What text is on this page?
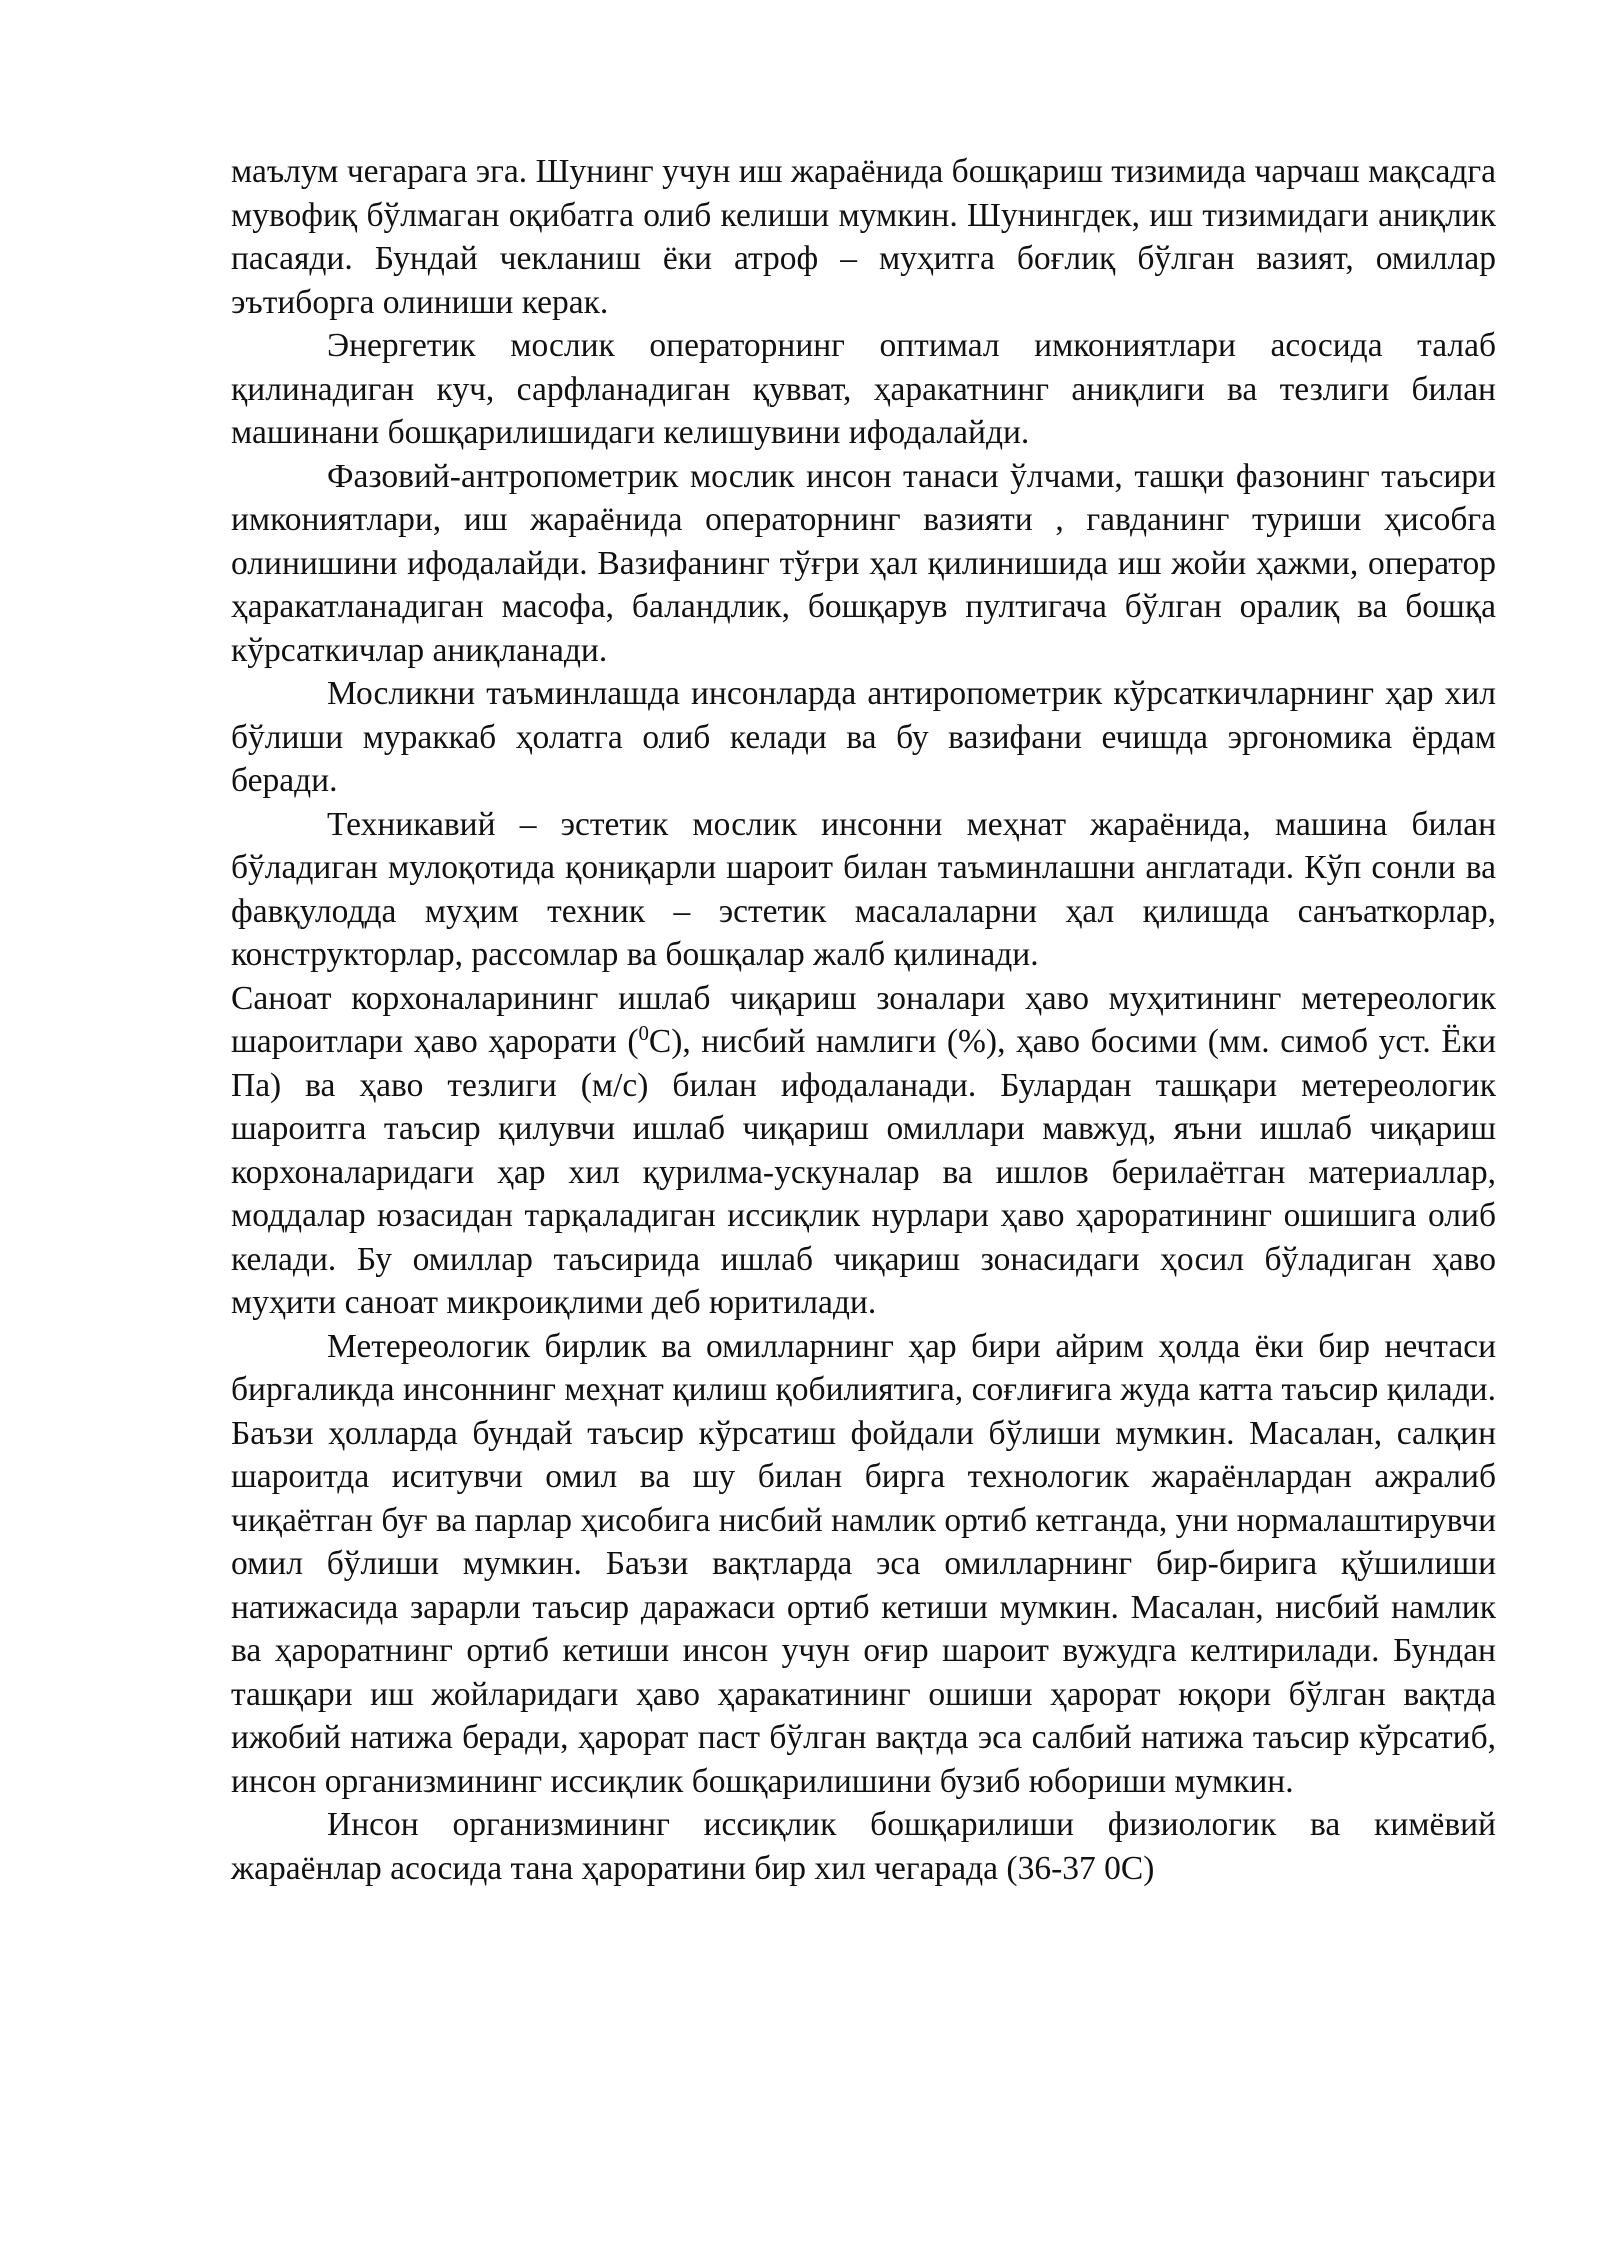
маълум чегарага эга. Шунинг учун иш жараёнида бошқариш тизимида чарчаш мақсадга мувофиқ бўлмаган оқибатга олиб келиши мумкин. Шунингдек, иш тизимидаги аниқлик пасаяди. Бундай чекланиш ёки атроф – муҳитга боғлиқ бўлган вазият, омиллар эътиборга олиниши керак.

Энергетик мослик операторнинг оптимал имкониятлари асосида талаб қилинадиган куч, сарфланадиган қувват, ҳаракатнинг аниқлиги ва тезлиги билан машинани бошқарилишидаги келишувини ифодалайди.

Фазовий-антропометрик мослик инсон танаси ўлчами, ташқи фазонинг таъсири имкониятлари, иш жараёнида операторнинг вазияти , гавданинг туриши ҳисобга олинишини ифодалайди. Вазифанинг тўғри ҳал қилинишида иш жойи ҳажми, оператор ҳаракатланадиган масофа, баландлик, бошқарув пултигача бўлган оралиқ ва бошқа кўрсаткичлар аниқланади.

Мосликни таъминлашда инсонларда антиропометрик кўрсаткичларнинг ҳар хил бўлиши мураккаб ҳолатга олиб келади ва бу вазифани ечишда эргономика ёрдам беради.

Техникавий – эстетик мослик инсонни меҳнат жараёнида, машина билан бўладиган мулоқотида қониқарли шароит билан таъминлашни англатади. Кўп сонли ва фавқулодда муҳим техник – эстетик масалаларни ҳал қилишда санъаткорлар, конструкторлар, рассомлар ва бошқалар жалб қилинади.

Саноат корхоналарининг ишлаб чиқариш зоналари ҳаво муҳитининг метереологик шароитлари ҳаво ҳарорати ($^0$С), нисбий намлиги (%), ҳаво босими (мм. симоб уст. Ёки Па) ва ҳаво тезлиги (м/с) билан ифодаланади. Булардан ташқари метереологик шароитга таъсир қилувчи ишлаб чиқариш омиллари мавжуд, яъни ишлаб чиқариш корхоналаридаги ҳар хил қурилма-ускуналар ва ишлов берилаётган материаллар, моддалар юзасидан тарқаладиган иссиқлик нурлари ҳаво ҳароратининг ошишига олиб келади. Бу омиллар таъсирида ишлаб чиқариш зонасидаги ҳосил бўладиган ҳаво муҳити саноат микроиқлими деб юритилади.

Метереологик бирлик ва омилларнинг ҳар бири айрим ҳолда ёки бир нечтаси биргаликда инсоннинг меҳнат қилиш қобилиятига, соғлиғига жуда катта таъсир қилади. Баъзи ҳолларда бундай таъсир кўрсатиш фойдали бўлиши мумкин. Масалан, салқин шароитда иситувчи омил ва шу билан бирга технологик жараёнлардан ажралиб чиқаётган буғ ва парлар ҳисобига нисбий намлик ортиб кетганда, уни нормалаштирувчи омил бўлиши мумкин. Баъзи вақтларда эса омилларнинг бир-бирига қўшилиши натижасида зарарли таъсир даражаси ортиб кетиши мумкин. Масалан, нисбий намлик ва ҳароратнинг ортиб кетиши инсон учун оғир шароит вужудга келтирилади. Бундан ташқари иш жойларидаги ҳаво ҳаракатининг ошиши ҳарорат юқори бўлган вақтда ижобий натижа беради, ҳарорат паст бўлган вақтда эса салбий натижа таъсир кўрсатиб, инсон организмининг иссиқлик бошқарилишини бузиб юбориши мумкин.

Инсон организмининг иссиқлик бошқарилиши физиологик ва кимёвий жараёнлар асосида тана ҳароратини бир хил чегарада (36-37 0С)
